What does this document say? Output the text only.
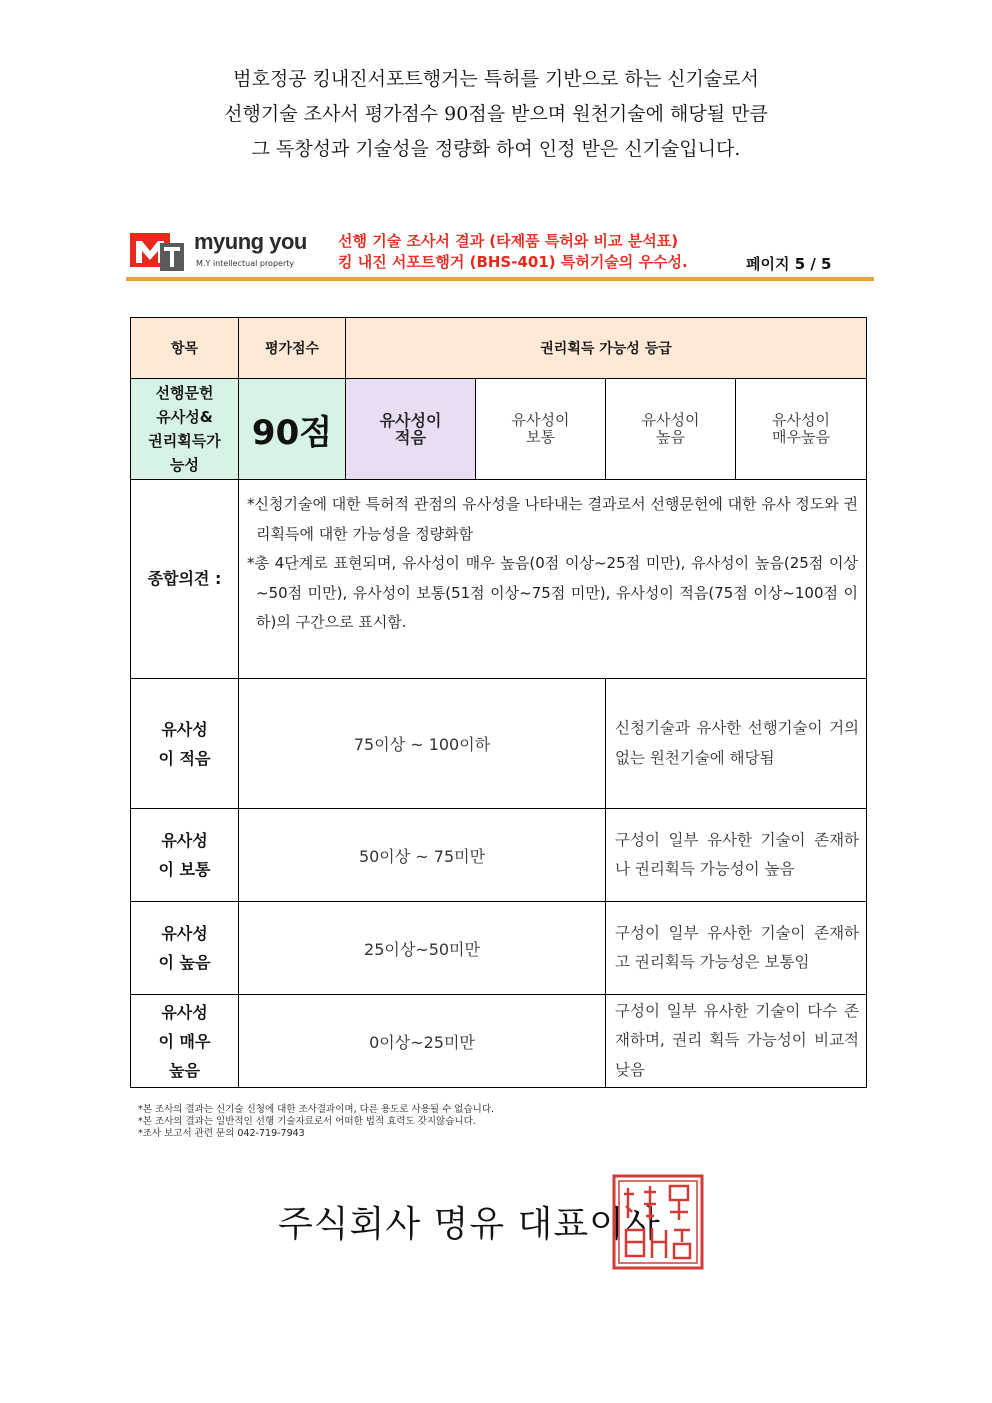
범호정공 킹내진서포트행거는 특허를 기반으로 하는 신기술로서
선행기술 조사서 평가점수 90점을 받으며 원천기술에 해당될 만큼
그 독창성과 기술성을 정량화 하여 인정 받은 신기술입니다.
myung you
M.Y intellectual property
선행 기술 조사서 결과 (타제품 특허와 비교 분석표)
킹 내진 서포트행거 (BHS-401) 특허기술의 우수성.	페이지 5 / 5
항목	평가점수	권리획득 가능성 등급			
선행문헌 유사성& 권리획득가능성	90점	유사성이 적음	유사성이 보통	유사성이 높음	유사성이 매우높음
종합의견 :	*신청기술에 대한 특허적 관점의 유사성을 나타내는 결과로서 선행문헌에 대한 유사 정도와 권리획득에 대한 가능성을 정량화함

*총 4단계로 표현되며, 유사성이 매우 높음(0점 이상~25점 미만), 유사성이 높음(25점 이상~50점 미만), 유사성이 보통(51점 이상~75점 미만), 유사성이 적음(75점 이상~100점 이하)의 구간으로 표시함.				

유사성이 적음	75이상 ~ 100이하			신청기술과 유사한 선행기술이 거의 없는 원천기술에 해당됨	
유사성이 보통	50이상 ~ 75미만			구성이 일부 유사한 기술이 존재하나 권리획득 가능성이 높음	
유사성이 높음	25이상~50미만			구성이 일부 유사한 기술이 존재하고 권리획득 가능성은 보통임	
유사성이 매우높음	0이상~25미만			구성이 일부 유사한 기술이 다수 존재하며, 권리 획득 가능성이 비교적 낮음	
*본 조사의 결과는 신기술 신청에 대한 조사결과이며, 다른 용도로 사용될 수 없습니다.
*본 조사의 결과는 일반적인 선행 기술자료로서 어떠한 법적 효력도 갖지않습니다.
*조사 보고서 관련 문의 042-719-7943
주식회사 명유 대표이사
